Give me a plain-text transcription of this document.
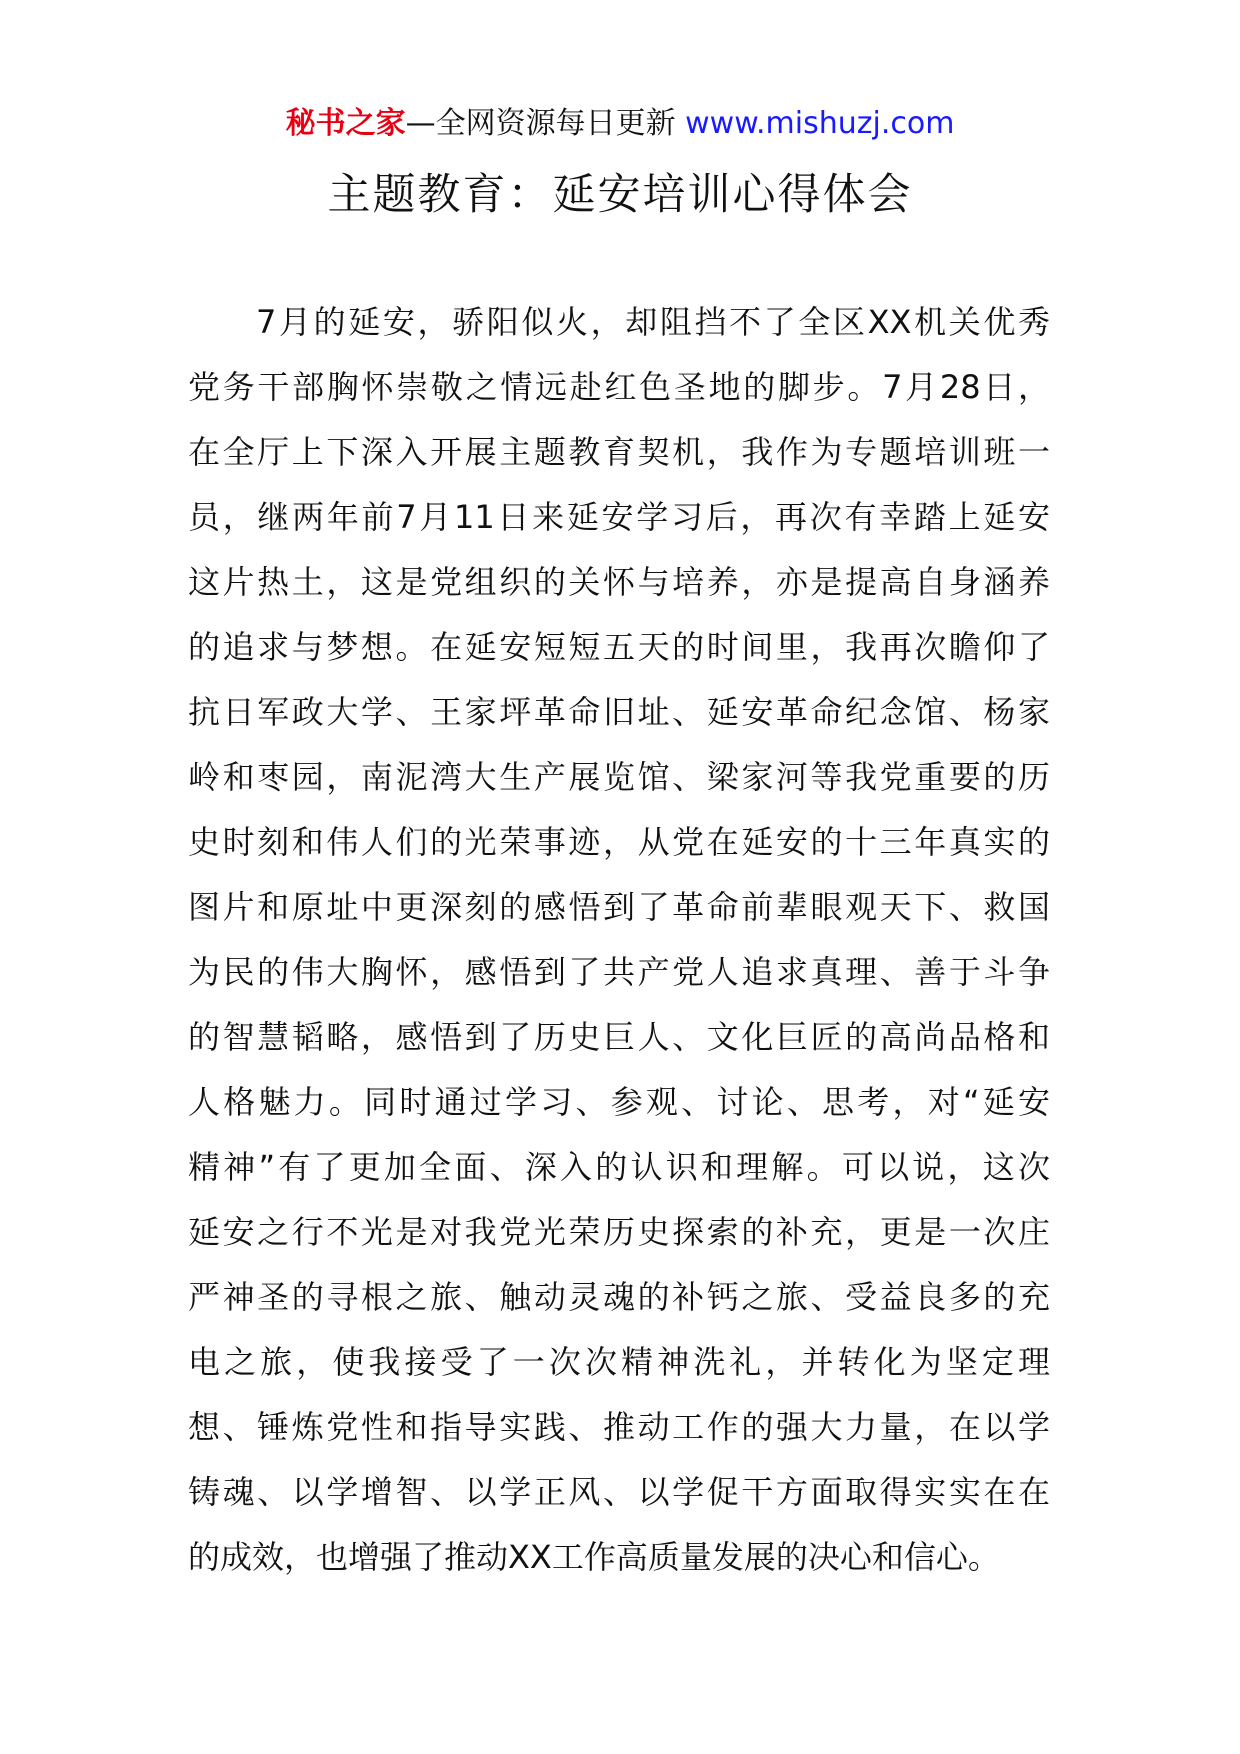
秘书之家—全网资源每日更新 www.mishuzj.com
主题教育：延安培训心得体会
7月的延安，骄阳似火，却阻挡不了全区XX机关优秀
党务干部胸怀崇敬之情远赴红色圣地的脚步。7月28日，
在全厅上下深入开展主题教育契机，我作为专题培训班一
员，继两年前7月11日来延安学习后，再次有幸踏上延安
这片热土，这是党组织的关怀与培养，亦是提高自身涵养
的追求与梦想。在延安短短五天的时间里，我再次瞻仰了
抗日军政大学、王家坪革命旧址、延安革命纪念馆、杨家
岭和枣园，南泥湾大生产展览馆、梁家河等我党重要的历
史时刻和伟人们的光荣事迹，从党在延安的十三年真实的
图片和原址中更深刻的感悟到了革命前辈眼观天下、救国
为民的伟大胸怀，感悟到了共产党人追求真理、善于斗争
的智慧韬略，感悟到了历史巨人、文化巨匠的高尚品格和
人格魅力。同时通过学习、参观、讨论、思考，对“延安
精神”有了更加全面、深入的认识和理解。可以说，这次
延安之行不光是对我党光荣历史探索的补充，更是一次庄
严神圣的寻根之旅、触动灵魂的补钙之旅、受益良多的充
电之旅，使我接受了一次次精神洗礼，并转化为坚定理
想、锤炼党性和指导实践、推动工作的强大力量，在以学
铸魂、以学增智、以学正风、以学促干方面取得实实在在
的成效，也增强了推动XX工作高质量发展的决心和信心。
